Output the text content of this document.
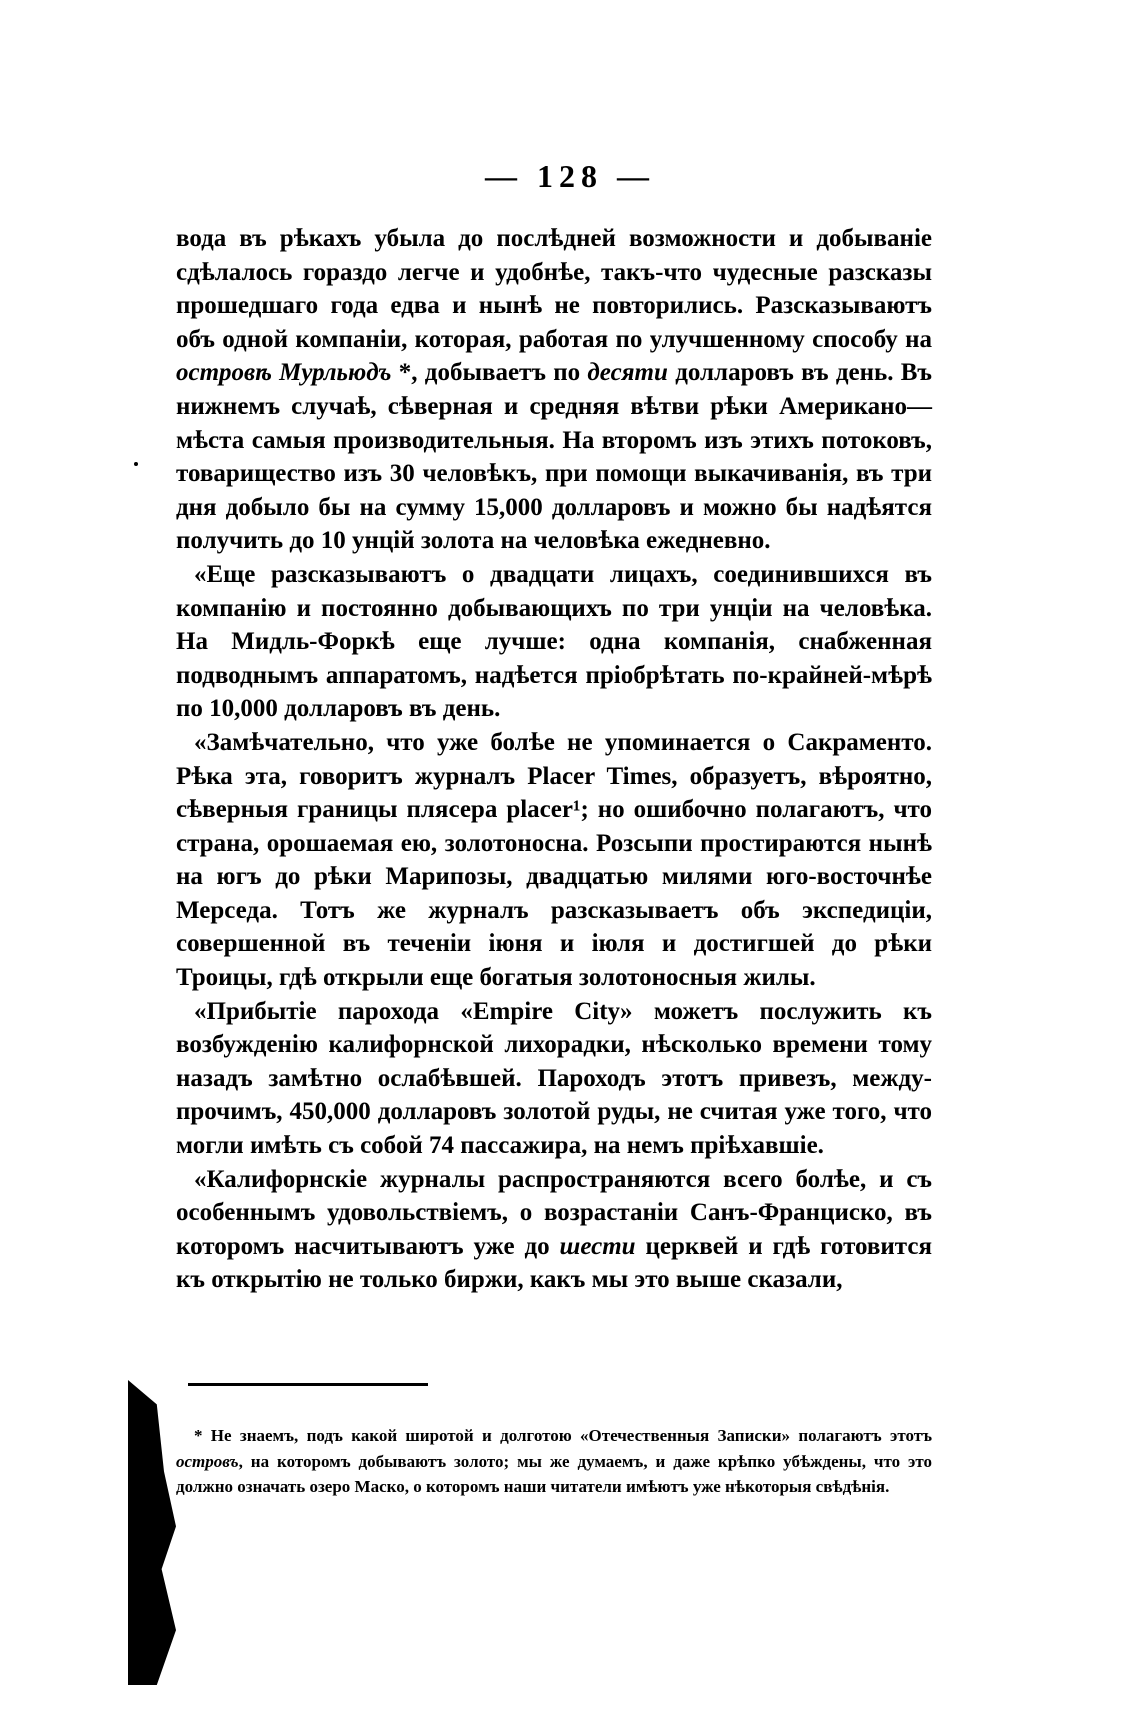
— 128 —

вода въ рѣкахъ убыла до послѣдней возможности и добываніе сдѣлалось гораздо легче и удобнѣе, такъ-что чудесные разсказы прошедшаго года едва и нынѣ не повторились. Разсказываютъ объ одной компаніи, которая, работая по улучшенному способу на островѣ Мурльюдъ *, добываетъ по десяти долларовъ въ день. Въ нижнемъ случаѣ, сѣверная и средняя вѣтви рѣки Американо—мѣста самыя производительныя. На второмъ изъ этихъ потоковъ, товарищество изъ 30 человѣкъ, при помощи выкачиванія, въ три дня добыло бы на сумму 15,000 долларовъ и можно бы надѣятся получить до 10 унцій золота на человѣка ежедневно.

«Еще разсказываютъ о двадцати лицахъ, соединившихся въ компанію и постоянно добывающихъ по три унціи на человѣка. На Мидль-Форкѣ еще лучше: одна компанія, снабженная подводнымъ аппаратомъ, надѣется пріобрѣтать по-крайней-мѣрѣ по 10,000 долларовъ въ день.

«Замѣчательно, что уже болѣе не упоминается о Сакраменто. Рѣка эта, говоритъ журналъ Placer Times, образуетъ, вѣроятно, сѣверныя границы плясера placer¹; но ошибочно полагаютъ, что страна, орошаемая ею, золотоносна. Розсыпи простираются нынѣ на югъ до рѣки Марипозы, двадцатью милями юго-восточнѣе Мерседа. Тотъ же журналъ разсказываетъ объ экспедиціи, совершенной въ теченіи іюня и іюля и достигшей до рѣки Троицы, гдѣ открыли еще богатыя золотоносныя жилы.

«Прибытіе парохода «Empire City» можетъ послужить къ возбужденію калифорнской лихорадки, нѣсколько времени тому назадъ замѣтно ослабѣвшей. Пароходъ этотъ привезъ, между-прочимъ, 450,000 долларовъ золотой руды, не считая уже того, что могли имѣть съ собой 74 пассажира, на немъ пріѣхавшіе.

«Калифорнскіе журналы распространяются всего болѣе, и съ особеннымъ удовольствіемъ, о возрастаніи Санъ-Франциско, въ которомъ насчитываютъ уже до шести церквей и гдѣ готовится къ открытію не только биржи, какъ мы это выше сказали,

* Не знаемъ, подъ какой широтой и долготою «Отечественныя Записки» полагаютъ этотъ островъ, на которомъ добываютъ золото; мы же думаемъ, и даже крѣпко убѣждены, что это должно означать озеро Маско, о которомъ наши читатели имѣютъ уже нѣкоторыя свѣдѣнія.
